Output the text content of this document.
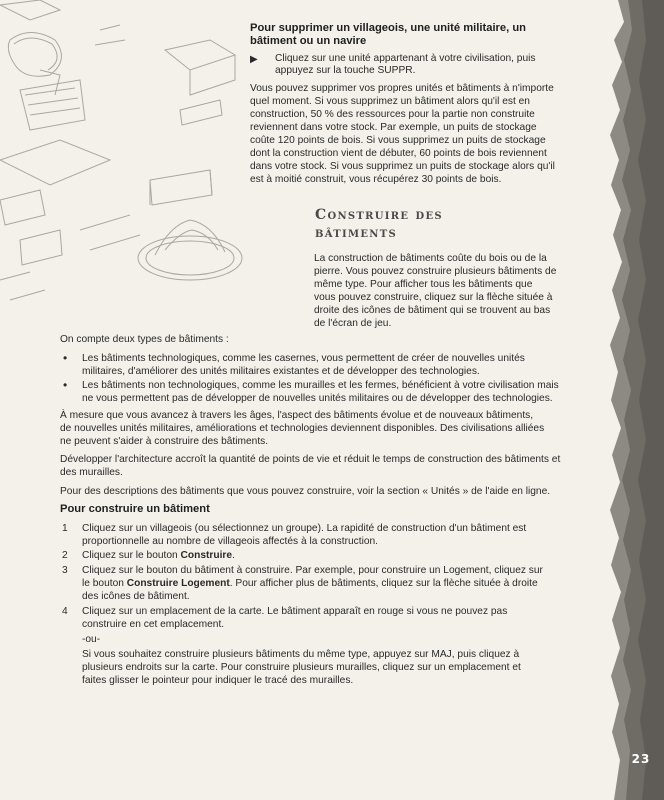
23
Pour supprimer un villageois, une unité militaire, un
bâtiment ou un navire
▶ Cliquez sur une unité appartenant à votre civilisation, puis
appuyez sur la touche SUPPR.
Vous pouvez supprimer vos propres unités et bâtiments à n'importe
quel moment. Si vous supprimez un bâtiment alors qu'il est en
construction, 50 % des ressources pour la partie non construite
reviennent dans votre stock. Par exemple, un puits de stockage
coûte 120 points de bois. Si vous supprimez un puits de stockage
dont la construction vient de débuter, 60 points de bois reviennent
dans votre stock. Si vous supprimez un puits de stockage alors qu'il
est à moitié construit, vous récupérez 30 points de bois.
Construire des
bâtiments
La construction de bâtiments coûte du bois ou de la
pierre. Vous pouvez construire plusieurs bâtiments de
même type. Pour afficher tous les bâtiments que
vous pouvez construire, cliquez sur la flèche située à
droite des icônes de bâtiment qui se trouvent au bas
de l'écran de jeu.
On compte deux types de bâtiments :
• Les bâtiments technologiques, comme les casernes, vous permettent de créer de nouvelles unités
militaires, d'améliorer des unités militaires existantes et de développer des technologies.
• Les bâtiments non technologiques, comme les murailles et les fermes, bénéficient à votre civilisation mais
ne vous permettent pas de développer de nouvelles unités militaires ou de développer des technologies.
À mesure que vous avancez à travers les âges, l'aspect des bâtiments évolue et de nouveaux bâtiments,
de nouvelles unités militaires, améliorations et technologies deviennent disponibles. Des civilisations alliées
ne peuvent s'aider à construire des bâtiments.
Développer l'architecture accroît la quantité de points de vie et réduit le temps de construction des bâtiments et
des murailles.
Pour des descriptions des bâtiments que vous pouvez construire, voir la section « Unités » de l'aide en ligne.
Pour construire un bâtiment
1 Cliquez sur un villageois (ou sélectionnez un groupe). La rapidité de construction d'un bâtiment est
proportionnelle au nombre de villageois affectés à la construction.
2 Cliquez sur le bouton Construire.
3 Cliquez sur le bouton du bâtiment à construire. Par exemple, pour construire un Logement, cliquez sur
le bouton Construire Logement. Pour afficher plus de bâtiments, cliquez sur la flèche située à droite
des icônes de bâtiment.
4 Cliquez sur un emplacement de la carte. Le bâtiment apparaît en rouge si vous ne pouvez pas
construire en cet emplacement.
-ou-
Si vous souhaitez construire plusieurs bâtiments du même type, appuyez sur MAJ, puis cliquez à
plusieurs endroits sur la carte. Pour construire plusieurs murailles, cliquez sur un emplacement et
faites glisser le pointeur pour indiquer le tracé des murailles.
